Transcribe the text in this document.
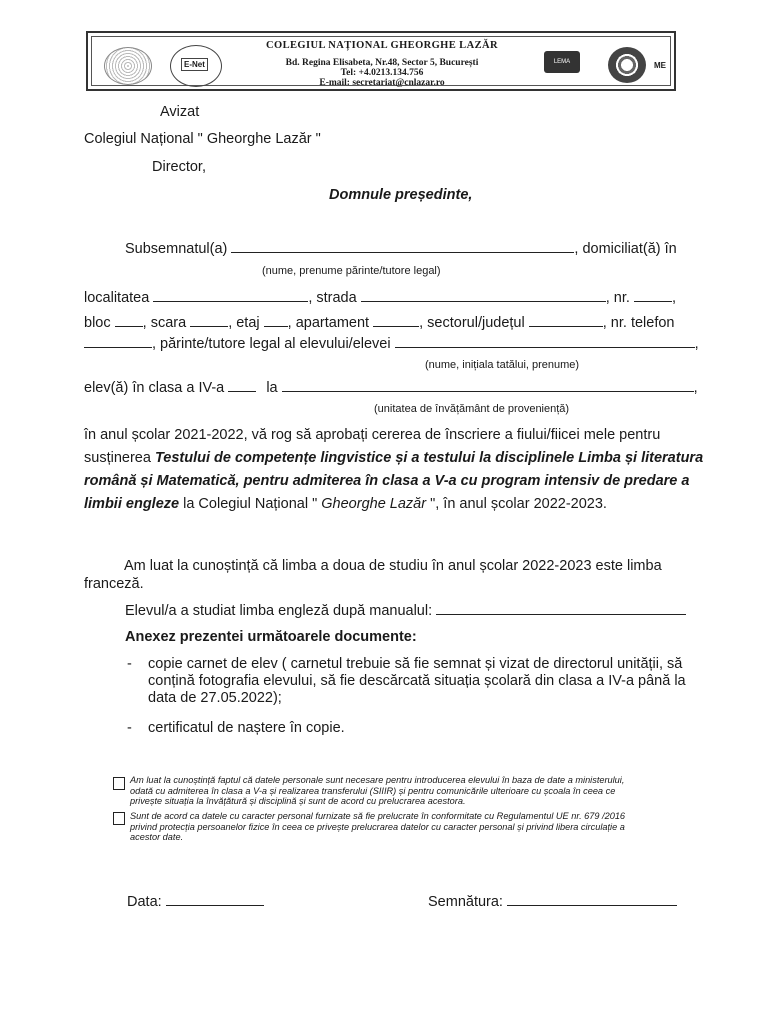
E-Net
COLEGIUL NAȚIONAL GHEORGHE LAZĂR
Bd. Regina Elisabeta, Nr.48, Sector 5, București
Tel: +4.0213.134.756
E-mail: secretariat@cnlazar.ro
LEMA	ME
Avizat
Colegiul Național " Gheorghe Lazăr "
Director,
Domnule președinte,
Subsemnatul(a)	, domiciliat(ă) în
(nume, prenume părinte/tutore legal)
localitatea	, strada	, nr.	,
bloc , scara	, etaj , apartament	, sectorul/județul	, nr. telefon
, părinte/tutore legal al elevului/elevei	,
(nume, inițiala tatălui, prenume)
elev(ă) în clasa a IV-a	la	,
(unitatea de învățământ de proveniență)
în anul școlar 2021-2022, vă rog să aprobați cererea de înscriere a fiului/fiicei mele pentru
susținerea Testului de competențe lingvistice și a testului la disciplinele Limba și literatura
română și Matematică, pentru admiterea în clasa a V-a cu program intensiv de predare a
limbii engleze la Colegiul Național " Gheorghe Lazăr ", în anul școlar 2022-2023.
Am luat la cunoștință că limba a doua de studiu în anul școlar 2022-2023 este limba
franceză.
Elevul/a a studiat limba engleză după manualul:
Anexez prezentei următoarele documente:
- copie carnet de elev ( carnetul trebuie să fie semnat și vizat de directorul unității, să
conțină fotografia elevului, să fie descărcată situația școlară din clasa a IV-a până la
data de 27.05.2022);
- certificatul de naștere în copie.
Am luat la cunoștință faptul că datele personale sunt necesare pentru introducerea elevului în baza de date a ministerului,
odată cu admiterea în clasa a V-a și realizarea transferului (SIIIR) și pentru comunicările ulterioare cu școala în ceea ce
privește situația la învățătură și disciplină și sunt de acord cu prelucrarea acestora.
Sunt de acord ca datele cu caracter personal furnizate să fie prelucrate în conformitate cu Regulamentul UE nr. 679 /2016
privind protecția persoanelor fizice în ceea ce privește prelucrarea datelor cu caracter personal și privind libera circulație a
acestor date.
Data:	Semnătura:
